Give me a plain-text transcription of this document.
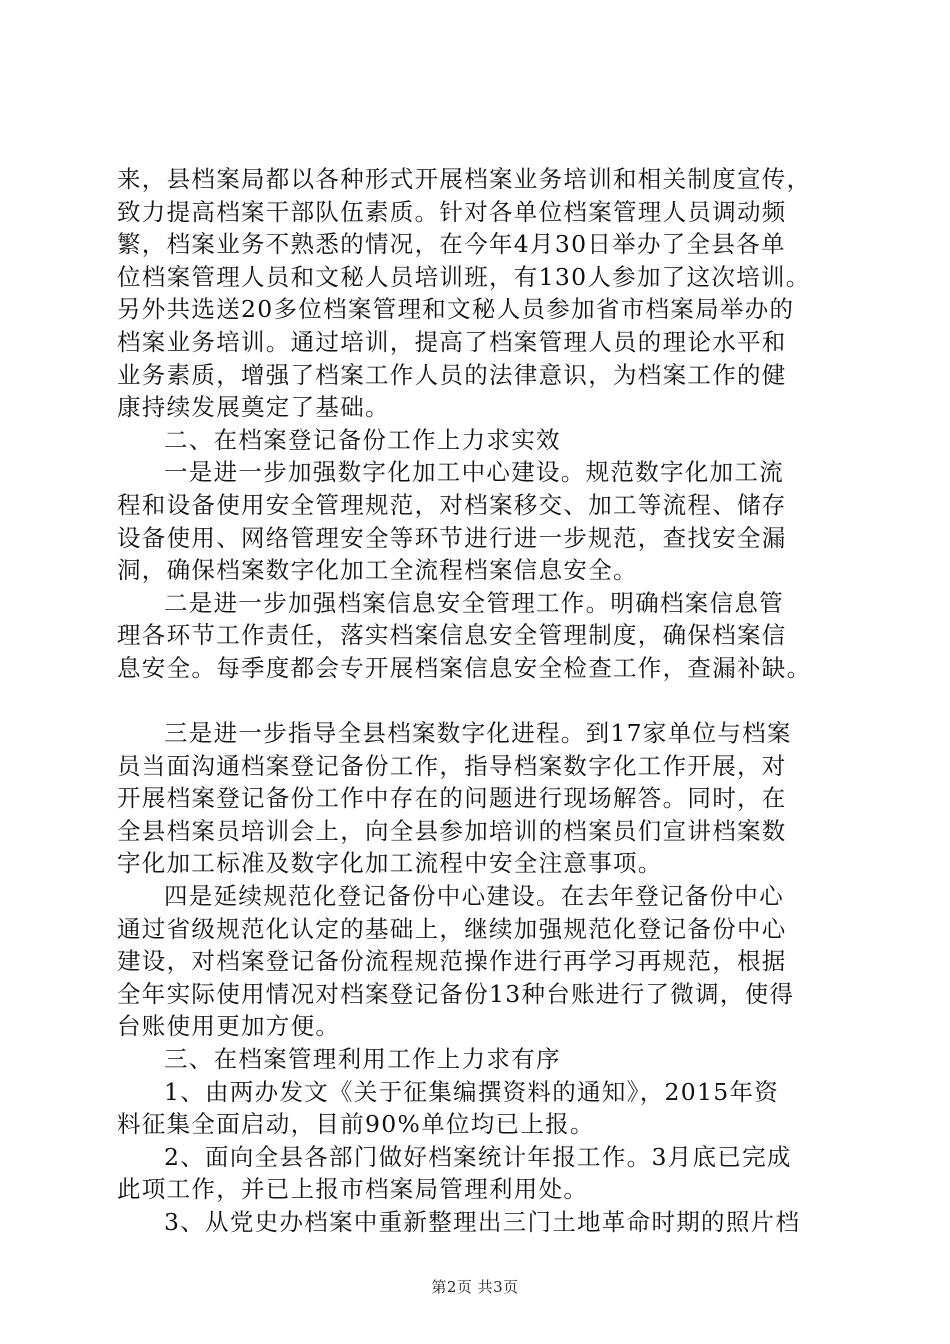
来，县档案局都以各种形式开展档案业务培训和相关制度宣传，

致力提高档案干部队伍素质。针对各单位档案管理人员调动频

繁，档案业务不熟悉的情况，在今年4月30日举办了全县各单

位档案管理人员和文秘人员培训班，有130人参加了这次培训。

另外共选送20多位档案管理和文秘人员参加省市档案局举办的

档案业务培训。通过培训，提高了档案管理人员的理论水平和

业务素质，增强了档案工作人员的法律意识，为档案工作的健

康持续发展奠定了基础。

二、在档案登记备份工作上力求实效

一是进一步加强数字化加工中心建设。规范数字化加工流

程和设备使用安全管理规范，对档案移交、加工等流程、储存

设备使用、网络管理安全等环节进行进一步规范，查找安全漏

洞，确保档案数字化加工全流程档案信息安全。

二是进一步加强档案信息安全管理工作。明确档案信息管

理各环节工作责任，落实档案信息安全管理制度，确保档案信

息安全。每季度都会专开展档案信息安全检查工作，查漏补缺。

三是进一步指导全县档案数字化进程。到17家单位与档案

员当面沟通档案登记备份工作，指导档案数字化工作开展，对

开展档案登记备份工作中存在的问题进行现场解答。同时，在

全县档案员培训会上，向全县参加培训的档案员们宣讲档案数

字化加工标准及数字化加工流程中安全注意事项。

四是延续规范化登记备份中心建设。在去年登记备份中心

通过省级规范化认定的基础上，继续加强规范化登记备份中心

建设，对档案登记备份流程规范操作进行再学习再规范，根据

全年实际使用情况对档案登记备份13种台账进行了微调，使得

台账使用更加方便。

三、在档案管理利用工作上力求有序

1、由两办发文《关于征集编撰资料的通知》，2015年资

料征集全面启动，目前90%单位均已上报。

2、面向全县各部门做好档案统计年报工作。3月底已完成

此项工作，并已上报市档案局管理利用处。

3、从党史办档案中重新整理出三门土地革命时期的照片档

第2页 共3页
